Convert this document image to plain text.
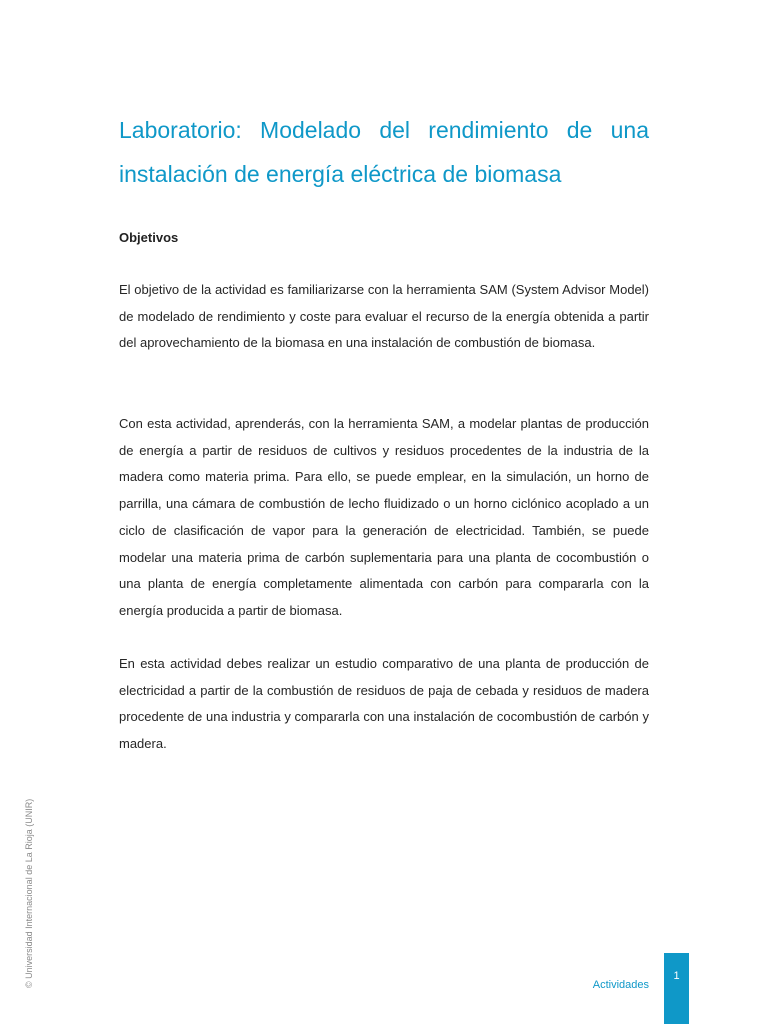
Laboratorio: Modelado del rendimiento de una instalación de energía eléctrica de biomasa
Objetivos

El objetivo de la actividad es familiarizarse con la herramienta SAM (System Advisor Model) de modelado de rendimiento y coste para evaluar el recurso de la energía obtenida a partir del aprovechamiento de la biomasa en una instalación de combustión de biomasa.

Con esta actividad, aprenderás, con la herramienta SAM, a modelar plantas de producción de energía a partir de residuos de cultivos y residuos procedentes de la industria de la madera como materia prima. Para ello, se puede emplear, en la simulación, un horno de parrilla, una cámara de combustión de lecho fluidizado o un horno ciclónico acoplado a un ciclo de clasificación de vapor para la generación de electricidad. También, se puede modelar una materia prima de carbón suplementaria para una planta de cocombustión o una planta de energía completamente alimentada con carbón para compararla con la energía producida a partir de biomasa.

En esta actividad debes realizar un estudio comparativo de una planta de producción de electricidad a partir de la combustión de residuos de paja de cebada y residuos de madera procedente de una industria y compararla con una instalación de cocombustión de carbón y madera.

© Universidad Internacional de La Rioja (UNIR)	Actividades
1
